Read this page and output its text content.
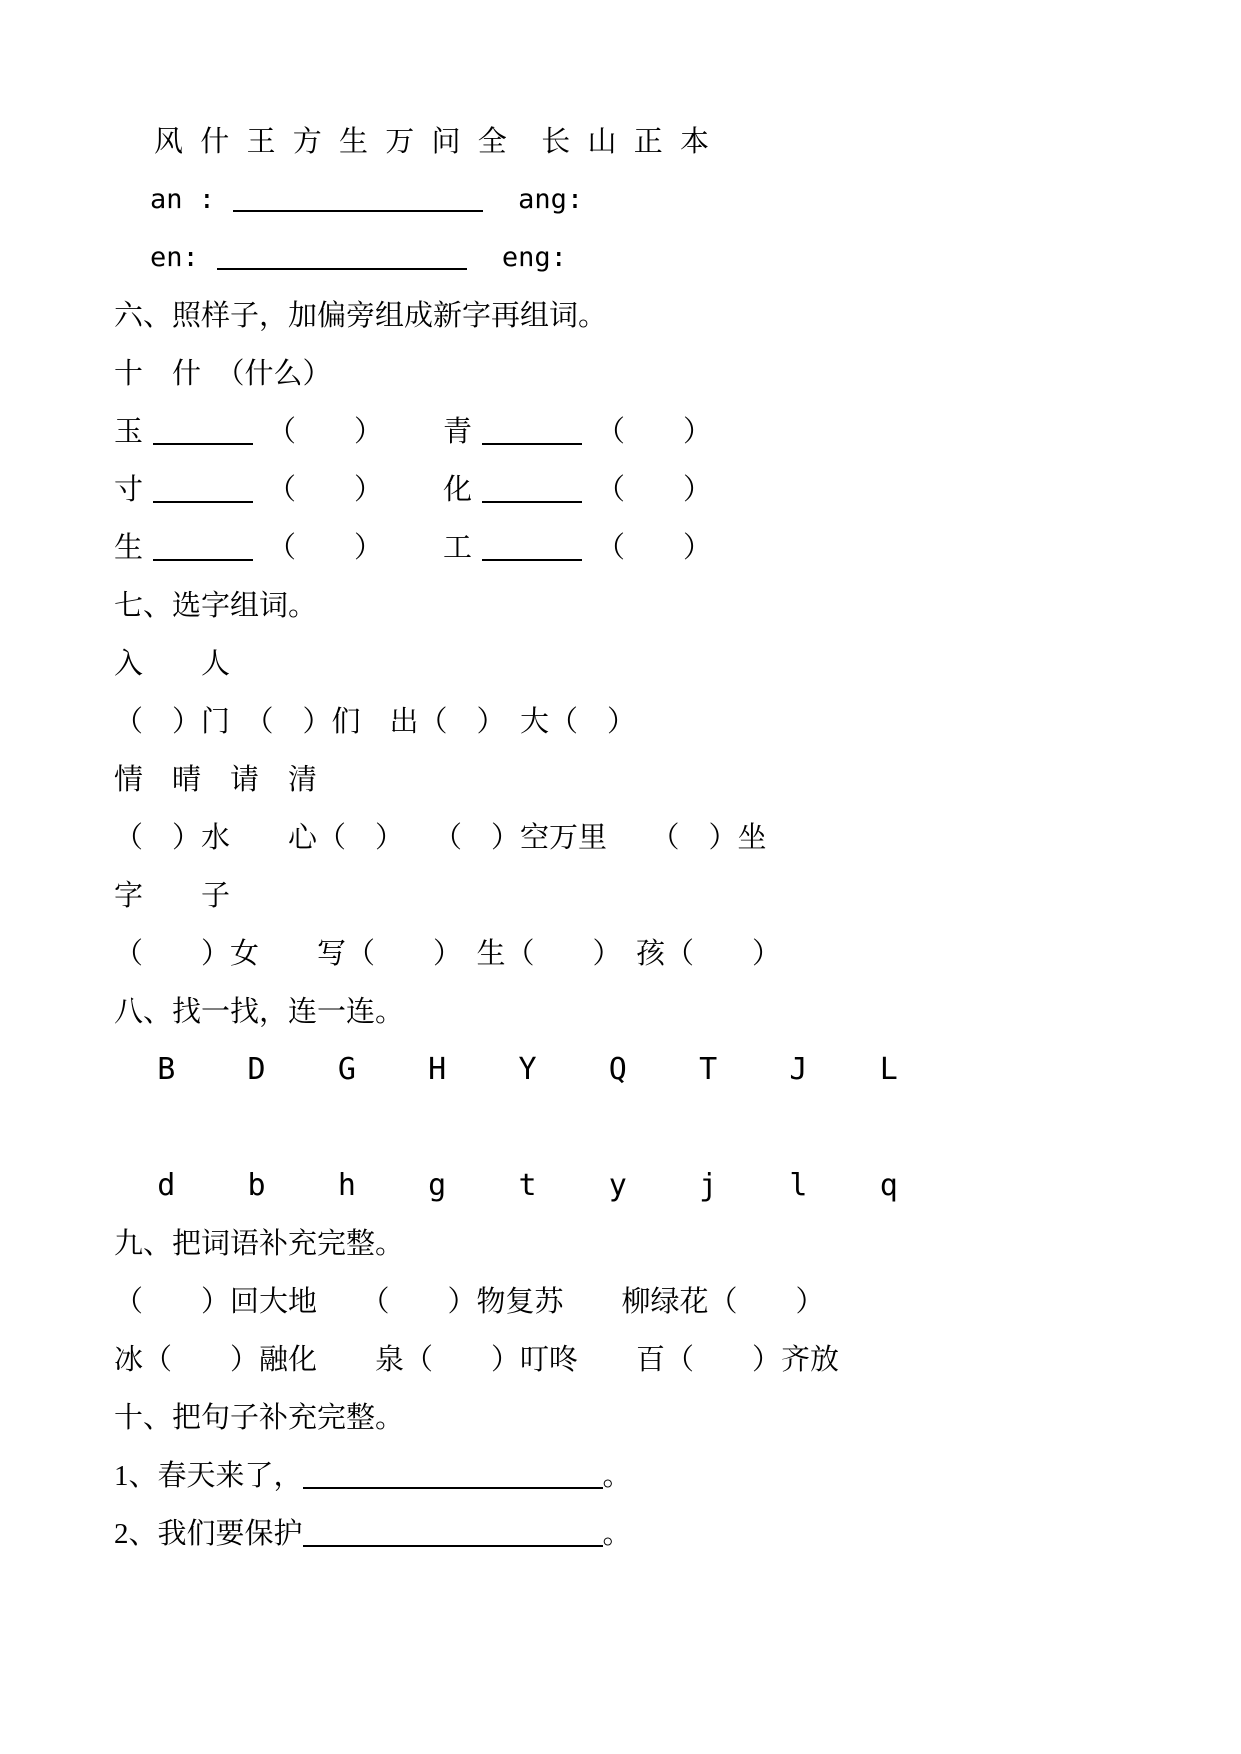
风 什 王 方 生 万 问 全  长 山 正 本

an :	ang:

en:	eng:

六、照样子，加偏旁组成新字再组词。

十　什　（什么）

玉	（　　） 青	（　　）

寸	（　　） 化	（　　）

生	（　　） 工	（　　）

七、选字组词。

入　　人

（　）门　（　）们　出（　）　大（　）

情　晴　请　清

（　）水　　心（　）　　（　）空万里　　（　）坐

字　　子

（　　）女　　写（　　）　生（　　）　孩（　　）

八、找一找，连一连。

B    D    G    H    Y    Q    T    J    L

d    b    h    g    t    y    j    l    q

九、把词语补充完整。

（　　）回大地　　（　　）物复苏　　柳绿花（　　）

冰（　　）融化　　泉（　　）叮咚　　百（　　）齐放

十、把句子补充完整。

1、春天来了，	。

2、我们要保护	。
